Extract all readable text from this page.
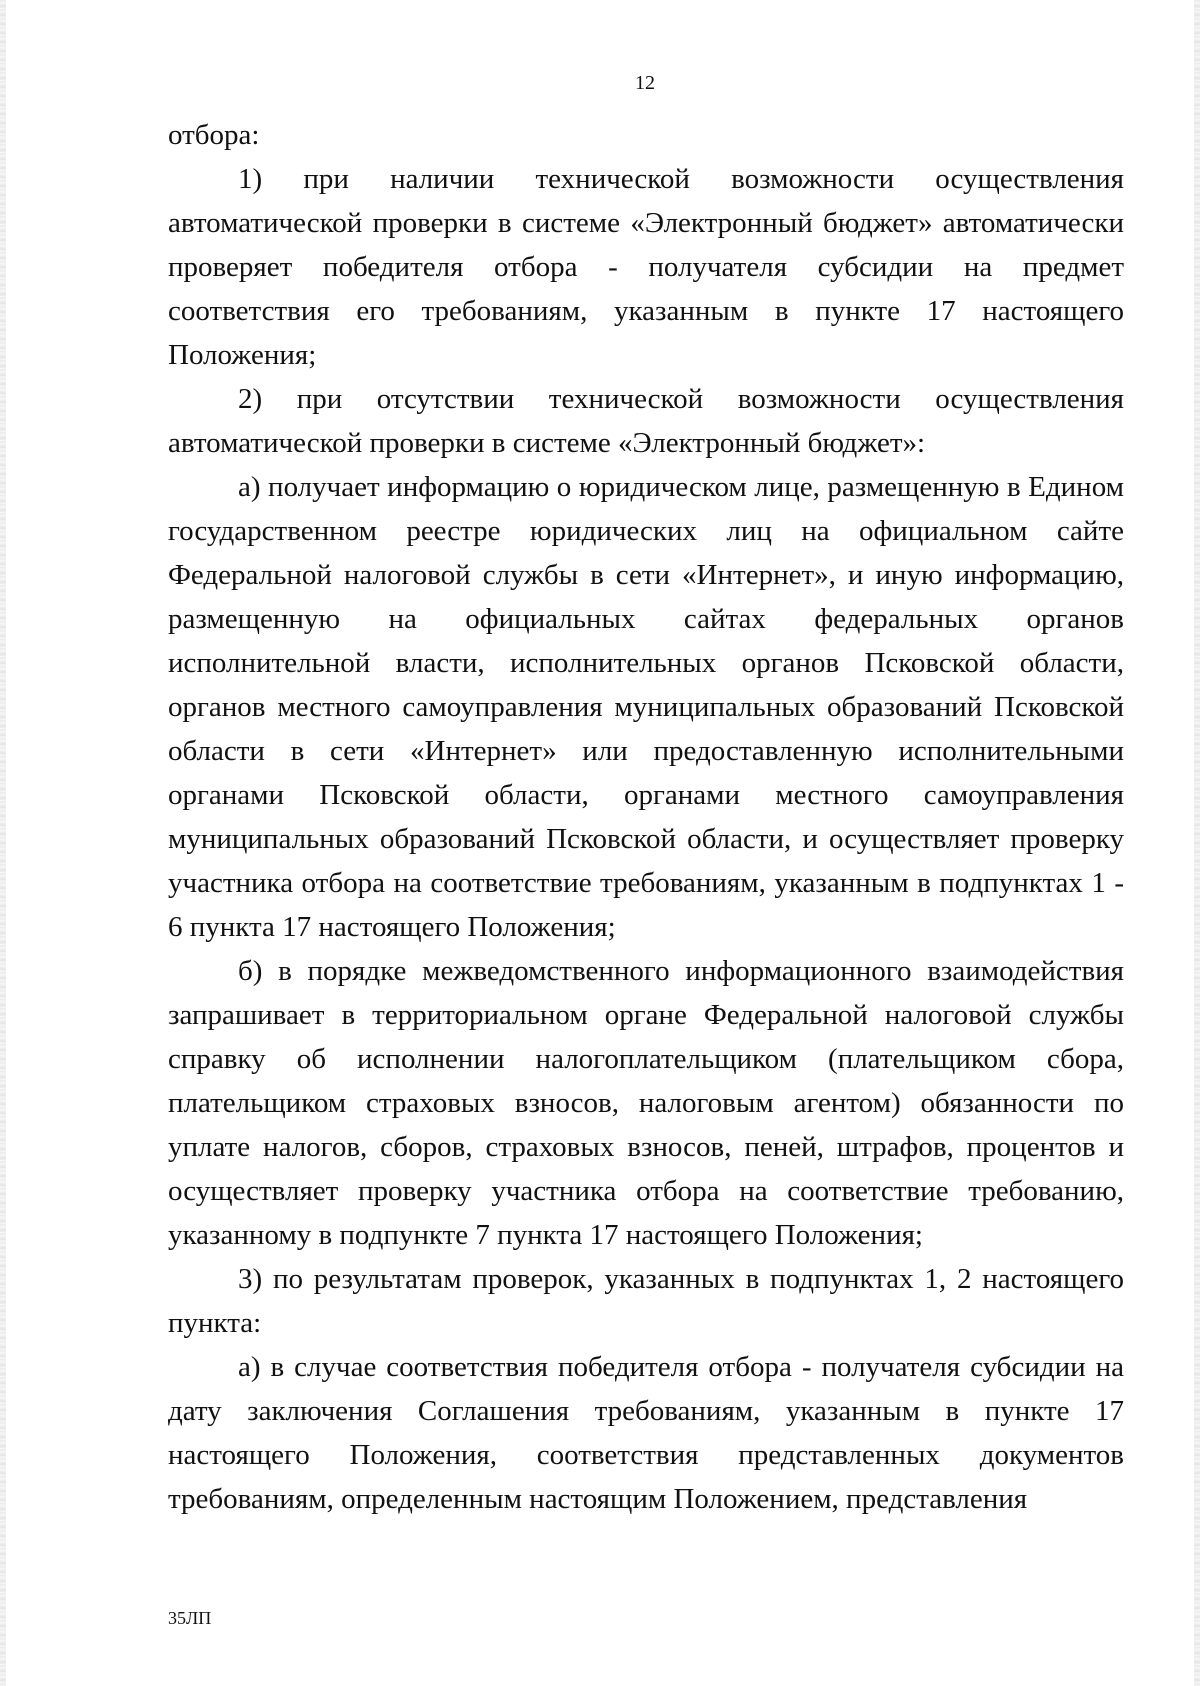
12

отбора:

1) при наличии технической возможности осуществления автоматической проверки в системе «Электронный бюджет» автоматически проверяет победителя отбора - получателя субсидии на предмет соответствия его требованиям, указанным в пункте 17 настоящего Положения;

2) при отсутствии технической возможности осуществления автоматической проверки в системе «Электронный бюджет»:

а) получает информацию о юридическом лице, размещенную в Едином государственном реестре юридических лиц на официальном сайте Федеральной налоговой службы в сети «Интернет», и иную информацию, размещенную на официальных сайтах федеральных органов исполнительной власти, исполнительных органов Псковской области, органов местного самоуправления муниципальных образований Псковской области в сети «Интернет» или предоставленную исполнительными органами Псковской области, органами местного самоуправления муниципальных образований Псковской области, и осуществляет проверку участника отбора на соответствие требованиям, указанным в подпунктах 1 - 6 пункта 17 настоящего Положения;

б) в порядке межведомственного информационного взаимодействия запрашивает в территориальном органе Федеральной налоговой службы справку об исполнении налогоплательщиком (плательщиком сбора, плательщиком страховых взносов, налоговым агентом) обязанности по уплате налогов, сборов, страховых взносов, пеней, штрафов, процентов и осуществляет проверку участника отбора на соответствие требованию, указанному в подпункте 7 пункта 17 настоящего Положения;

3) по результатам проверок, указанных в подпунктах 1, 2 настоящего пункта:

а) в случае соответствия победителя отбора - получателя субсидии на дату заключения Соглашения требованиям, указанным в пункте 17 настоящего Положения, соответствия представленных документов требованиям, определенным настоящим Положением, представления

35ЛП
